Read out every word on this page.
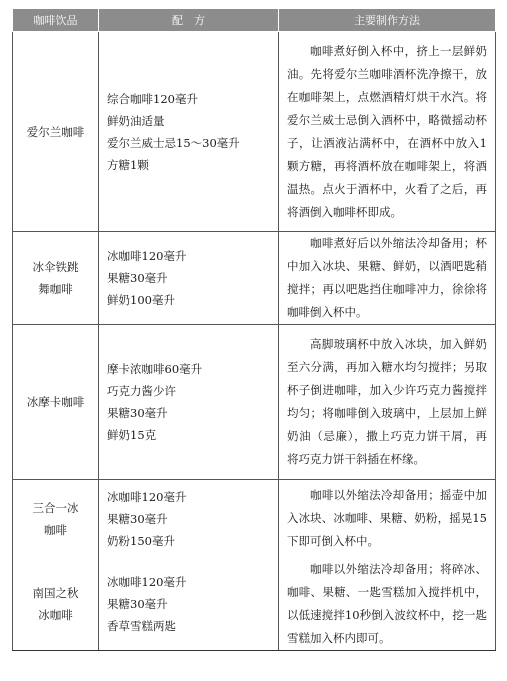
咖啡饮品	配　方	主要制作方法

爱尔兰咖啡	综合咖啡120毫升
鲜奶油适量
爱尔兰威士忌15～30毫升
方糖1颗	咖啡煮好倒入杯中，挤上一层鲜奶油。先将爱尔兰咖啡酒杯洗净擦干，放在咖啡架上，点燃酒精灯烘干水汽。将爱尔兰威士忌倒入酒杯中，略微摇动杯子，让酒液沾满杯中，在酒杯中放入1颗方糖，再将酒杯放在咖啡架上，将酒温热。点火于酒杯中，火看了之后，再将酒倒入咖啡杯即成。

冰伞铁跳
舞咖啡	冰咖啡120毫升
果糖30毫升
鲜奶100毫升	咖啡煮好后以外缩法冷却备用；杯中加入冰块、果糖、鲜奶，以酒吧匙稍搅拌；再以吧匙挡住咖啡冲力，徐徐将咖啡倒入杯中。

冰摩卡咖啡	摩卡浓咖啡60毫升
巧克力酱少许
果糖30毫升
鲜奶15克	高脚玻璃杯中放入冰块，加入鲜奶至六分满，再加入糖水均匀搅拌；另取杯子倒进咖啡，加入少许巧克力酱搅拌均匀；将咖啡倒入玻璃中，上层加上鲜奶油（忌廉），撒上巧克力饼干屑，再将巧克力饼干斜插在杯缘。

三合一冰
咖啡	冰咖啡120毫升
果糖30毫升
奶粉150毫升	咖啡以外缩法冷却备用；摇壶中加入冰块、冰咖啡、果糖、奶粉，摇晃15下即可倒入杯中。

南国之秋
冰咖啡	冰咖啡120毫升
果糖30毫升
香草雪糕两匙	咖啡以外缩法冷却备用；将碎冰、咖啡、果糖、一匙雪糕加入搅拌机中，以低速搅拌10秒倒入波纹杯中，挖一匙雪糕加入杯内即可。
